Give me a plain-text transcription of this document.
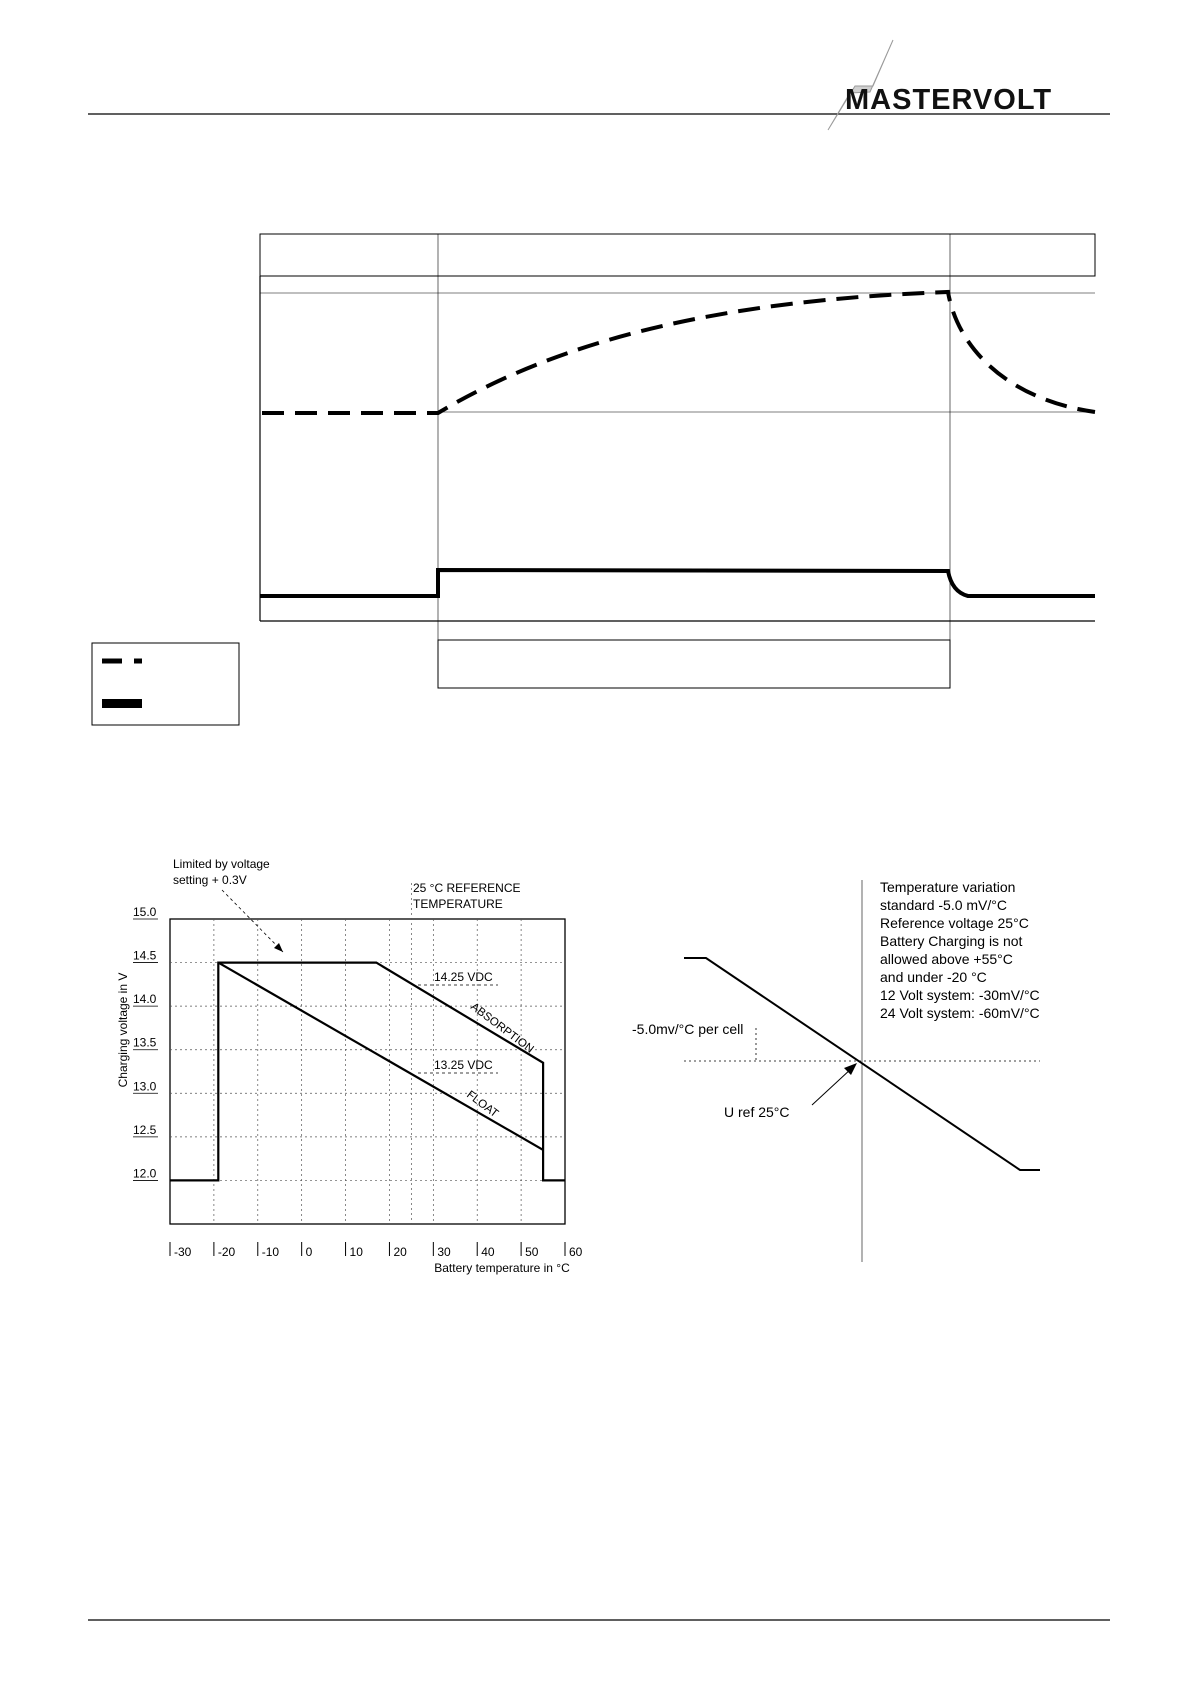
MASTERVOLT
15.0
14.5
14.0
13.5
13.0
12.5
12.0
-30 -20 -10 0	10	20	30	40	50	60
Charging voltage in V
Battery temperature in °C
Limited by voltage
setting + 0.3V
25 °C REFERENCE
TEMPERATURE
14.25 VDC
ABSORPTION
13.25 VDC
FLOAT
-5.0mv/°C per cell
U ref 25°C
Temperature variation
standard -5.0 mV/°C
Reference voltage 25°C
Battery Charging is not
allowed above +55°C
and under -20 °C
12 Volt system: -30mV/°C
24 Volt system: -60mV/°C
